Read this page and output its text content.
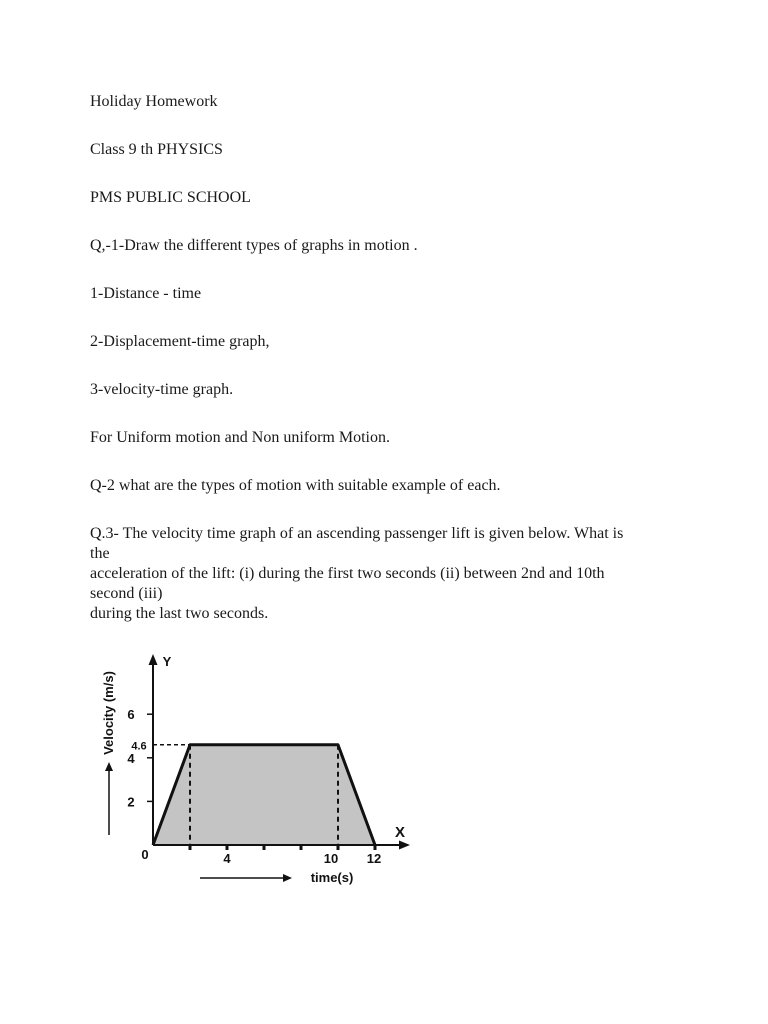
Holiday Homework

Class 9 th PHYSICS

PMS PUBLIC SCHOOL

Q,-1-Draw the different types of graphs in motion .

1-Distance - time

2-Displacement-time graph,

3-velocity-time graph.

For Uniform motion and Non uniform Motion.

Q-2 what are the types of motion with suitable example of each.

Q.3- The velocity time graph of an ascending passenger lift is given below. What is
the
acceleration of the lift: (i) during the first two seconds (ii) between 2nd and 10th
second (iii)
during the last two seconds.
Y
X
0
2
4
4.6
6
4	10 12
time(s)
Velocity (m/s)
